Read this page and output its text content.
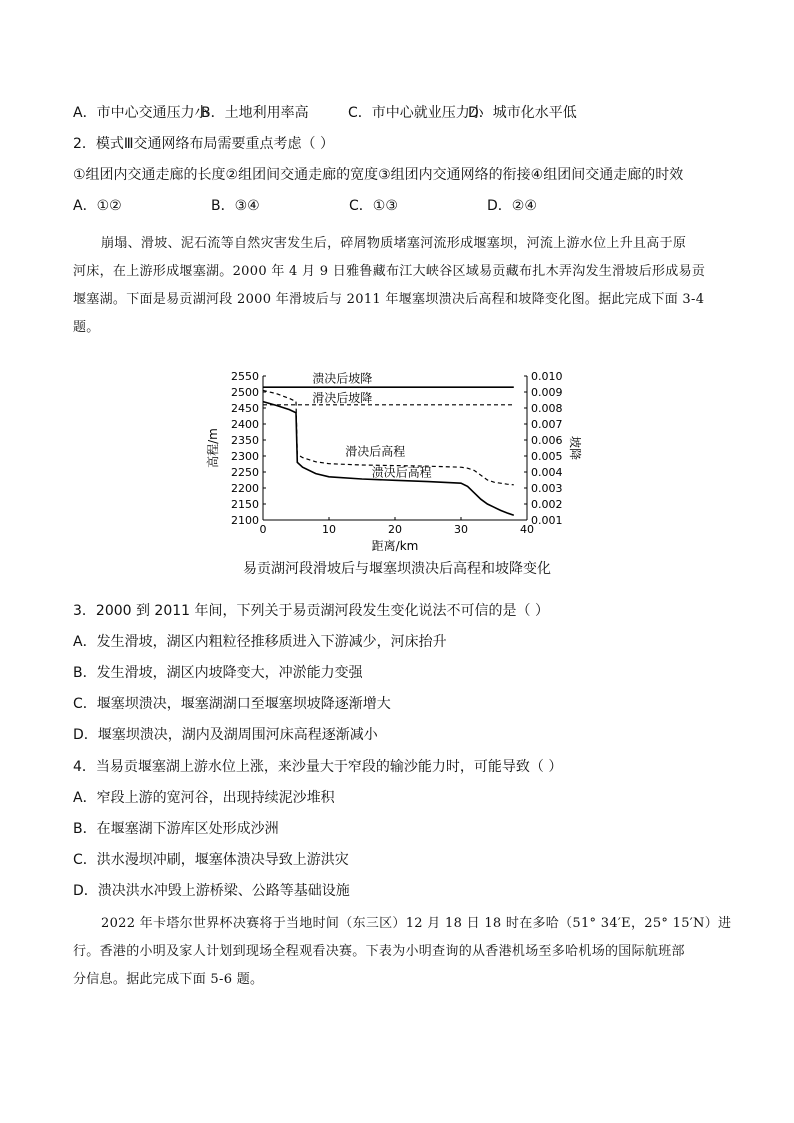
A．市中心交通压力小
B．土地利用率高	C．市中心就业压力小
D．城市化水平低
2．模式Ⅲ交通网络布局需要重点考虑（ ）
①组团内交通走廊的长度②组团间交通走廊的宽度③组团内交通网络的衔接④组团间交通走廊的时效
A．①②	B．③④	C．①③	D．②④
崩塌、滑坡、泥石流等自然灾害发生后，碎屑物质堵塞河流形成堰塞坝，河流上游水位上升且高于原
河床，在上游形成堰塞湖。2000 年 4 月 9 日雅鲁藏布江大峡谷区域易贡藏布扎木弄沟发生滑坡后形成易贡
堰塞湖。下面是易贡湖河段 2000 年滑坡后与 2011 年堰塞坝溃决后高程和坡降变化图。据此完成下面 3-4
题。
2100
2150
2200
2250
2300
2350
2400
2450
2500
2550
0.001
0.002
0.003
0.004
0.005
0.006
0.007
0.008
0.009
0.010
0	10	20	30	40
距离/km
高程/m	坡降
溃决后坡降
滑决后坡降
滑决后高程
溃决后高程
易贡湖河段滑坡后与堰塞坝溃决后高程和坡降变化
3．2000 到 2011 年间，下列关于易贡湖河段发生变化说法不可信的是（ ）
A．发生滑坡，湖区内粗粒径推移质进入下游减少，河床抬升
B．发生滑坡，湖区内坡降变大，冲淤能力变强
C．堰塞坝溃决，堰塞湖湖口至堰塞坝坡降逐渐增大
D．堰塞坝溃决，湖内及湖周围河床高程逐渐减小
4．当易贡堰塞湖上游水位上涨，来沙量大于窄段的输沙能力时，可能导致（ ）
A．窄段上游的宽河谷，出现持续泥沙堆积
B．在堰塞湖下游库区处形成沙洲
C．洪水漫坝冲刷，堰塞体溃决导致上游洪灾
D．溃决洪水冲毁上游桥梁、公路等基础设施
2022 年卡塔尔世界杯决赛将于当地时间（东三区）12 月 18 日 18 时在多哈（51° 34′E，25° 15′N）进
行。香港的小明及家人计划到现场全程观看决赛。下表为小明查询的从香港机场至多哈机场的国际航班部
分信息。据此完成下面 5-6 题。
